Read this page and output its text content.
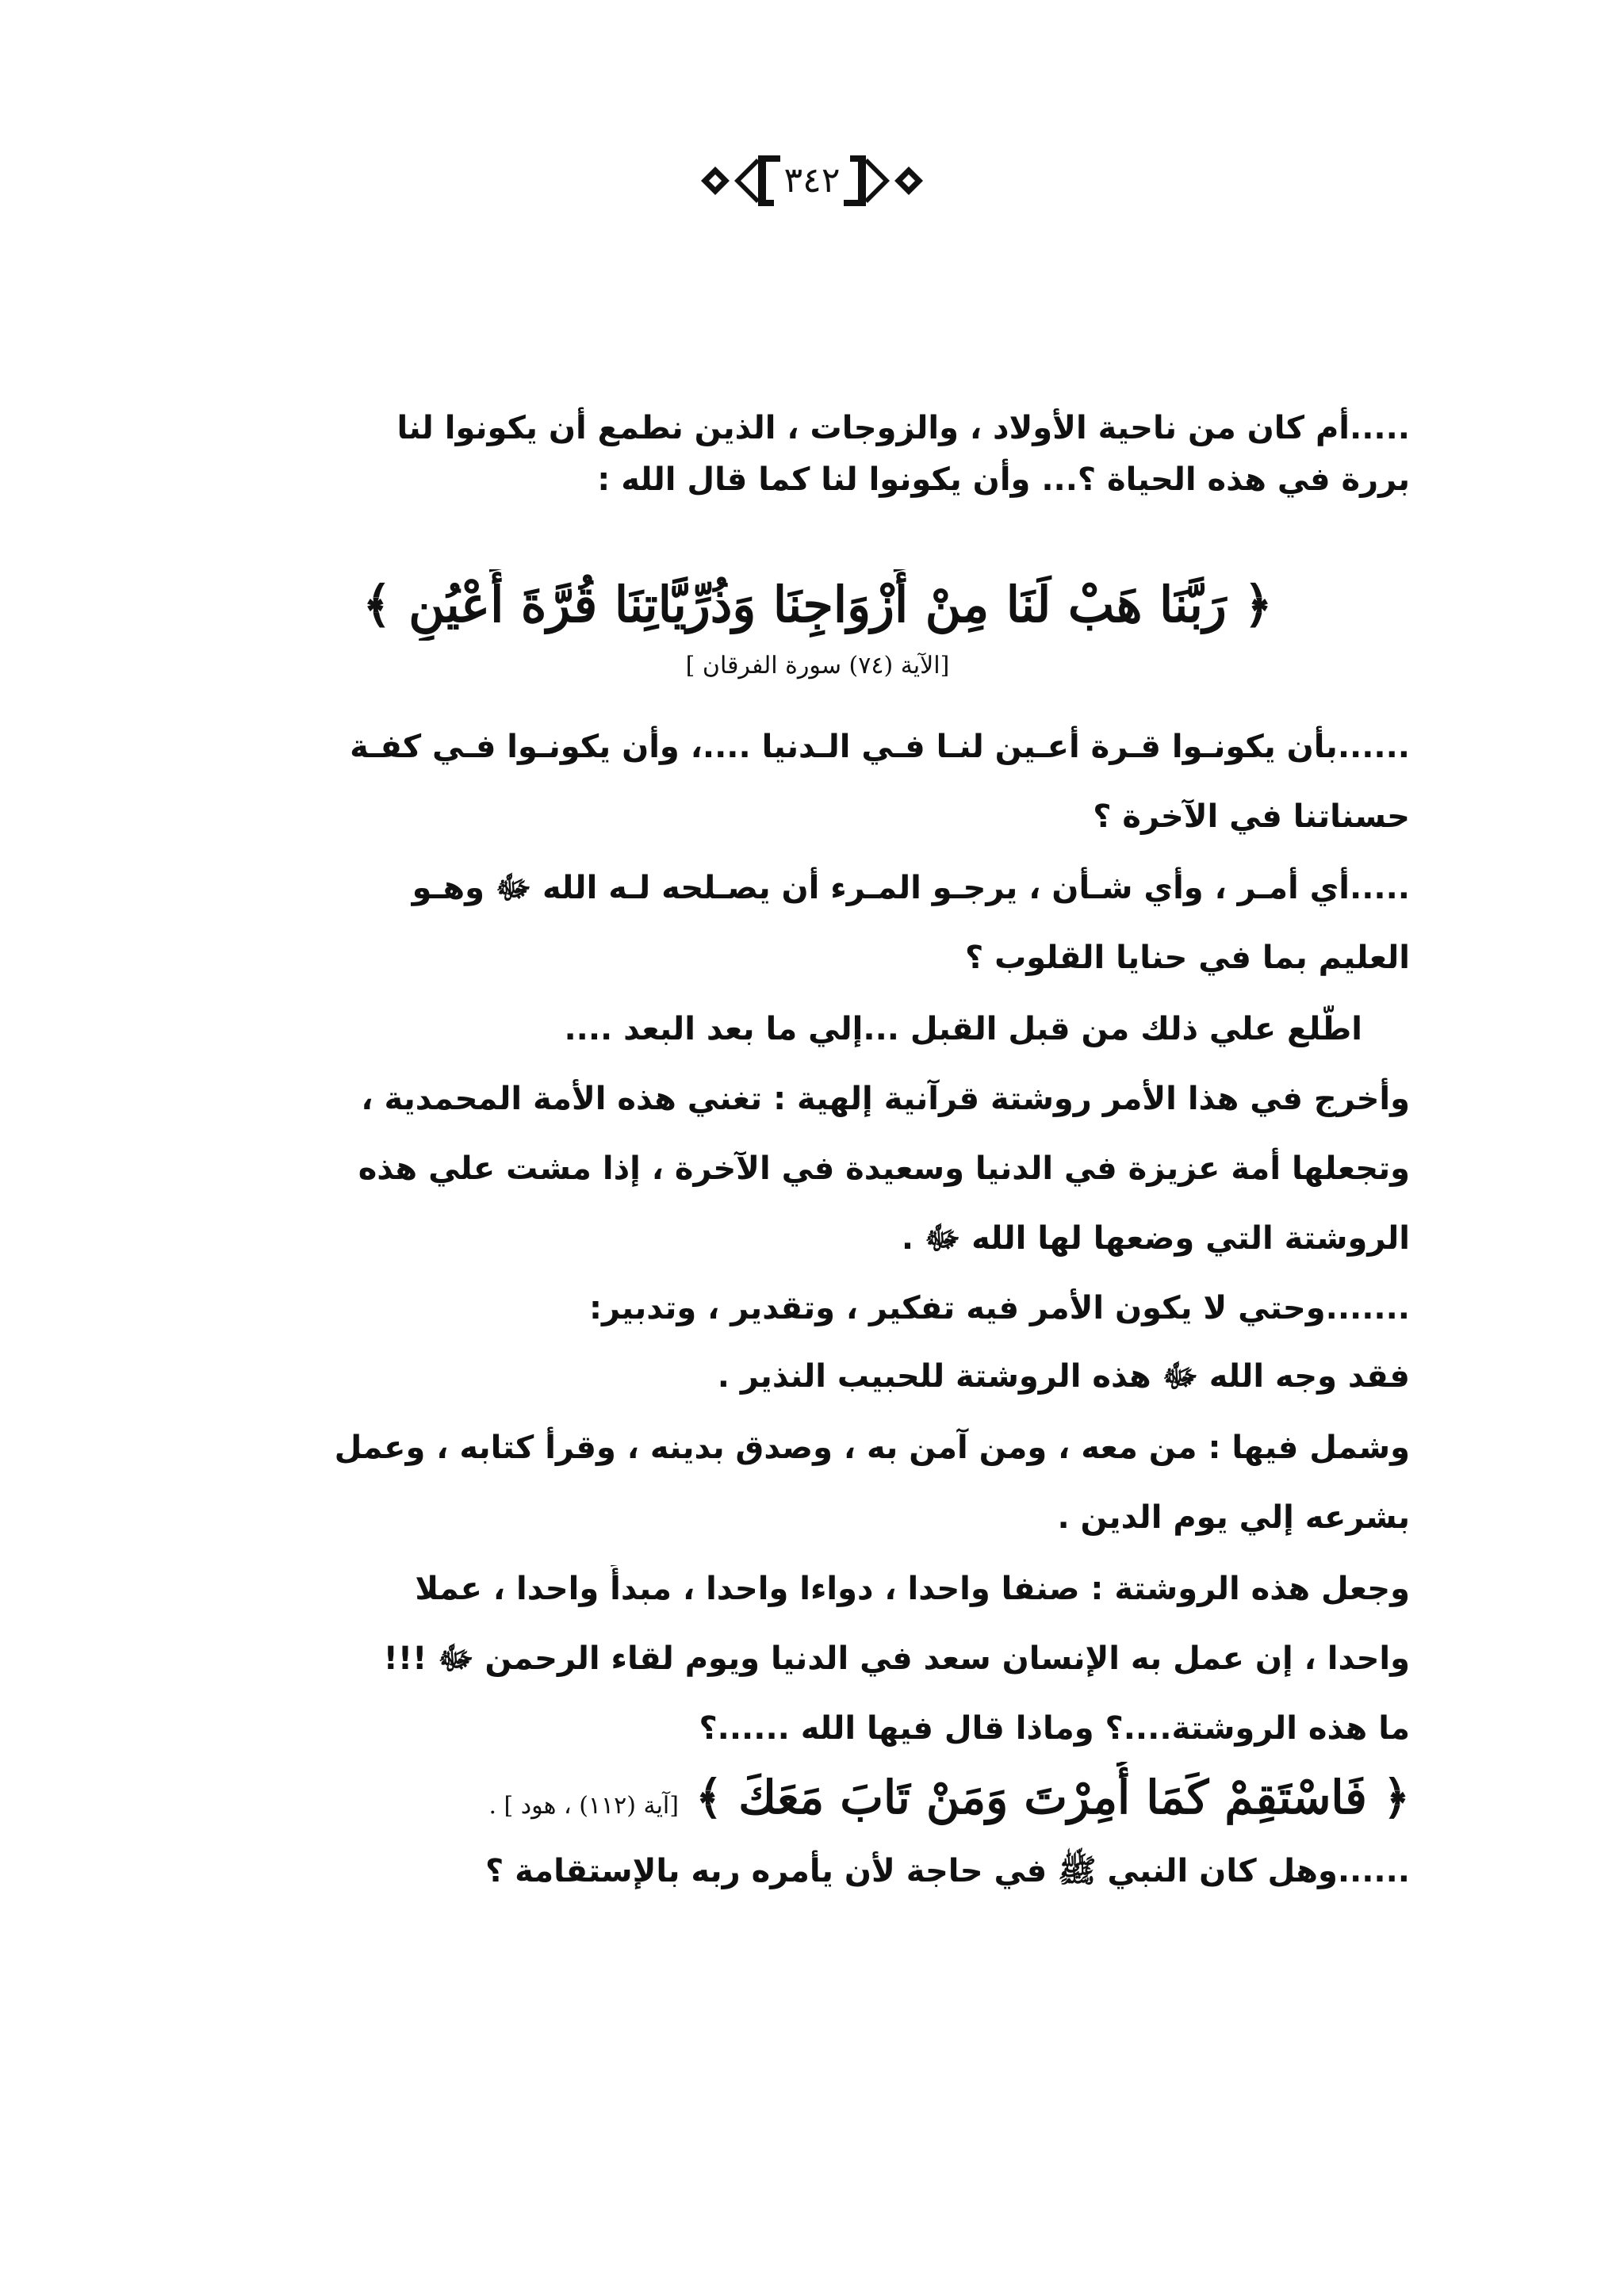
٣٤٢
.....أم كان من ناحية الأولاد ، والزوجات ، الذين نطمع أن يكونوا لنا
بررة في هذه الحياة ؟... وأن يكونوا لنا كما قال الله :
﴿ رَبَّنَا هَبْ لَنَا مِنْ أَزْوَاجِنَا وَذُرِّيَّاتِنَا قُرَّةَ أَعْيُنٍ ﴾
[الآية (٧٤) سورة الفرقان ]
......بأن يكونـوا قـرة أعـين لنـا فـي الـدنيا ....، وأن يكونـوا فـي كفـة
حسناتنا في الآخرة ؟
.....أي أمـر ، وأي شـأن ، يرجـو المـرء أن يصـلحه لـه الله ﷻ وهـو
العليم بما في حنايا القلوب ؟
اطَّلع علي ذلك من قبل القبل ...إلي ما بعد البعد ....
وأخرج في هذا الأمر روشتة قرآنية إلهية : تغني هذه الأمة المحمدية ،
وتجعلها أمة عزيزة في الدنيا وسعيدة في الآخرة ، إذا مشت علي هذه
الروشتة التي وضعها لها الله ﷻ .
.......وحتي لا يكون الأمر فيه تفكير ، وتقدير ، وتدبير:
فقد وجه الله ﷻ هذه الروشتة للحبيب النذير .
وشمل فيها : من معه ، ومن آمن به ، وصدق بدينه ، وقرأ كتابه ، وعمل
بشرعه إلي يوم الدين .
وجعل هذه الروشتة : صنفا واحدا ، دواءا واحدا ، مبدأً واحدا ، عملا
واحدا ، إن عمل به الإنسان سعد في الدنيا ويوم لقاء الرحمن ﷻ !!!
ما هذه الروشتة....؟ وماذا قال فيها الله ......؟
﴿ فَاسْتَقِمْ كَمَا أُمِرْتَ وَمَنْ تَابَ مَعَكَ ﴾ [آية (١١٢) ، هود ] .
......وهل كان النبي ﷺ في حاجة لأن يأمره ربه بالإستقامة ؟
